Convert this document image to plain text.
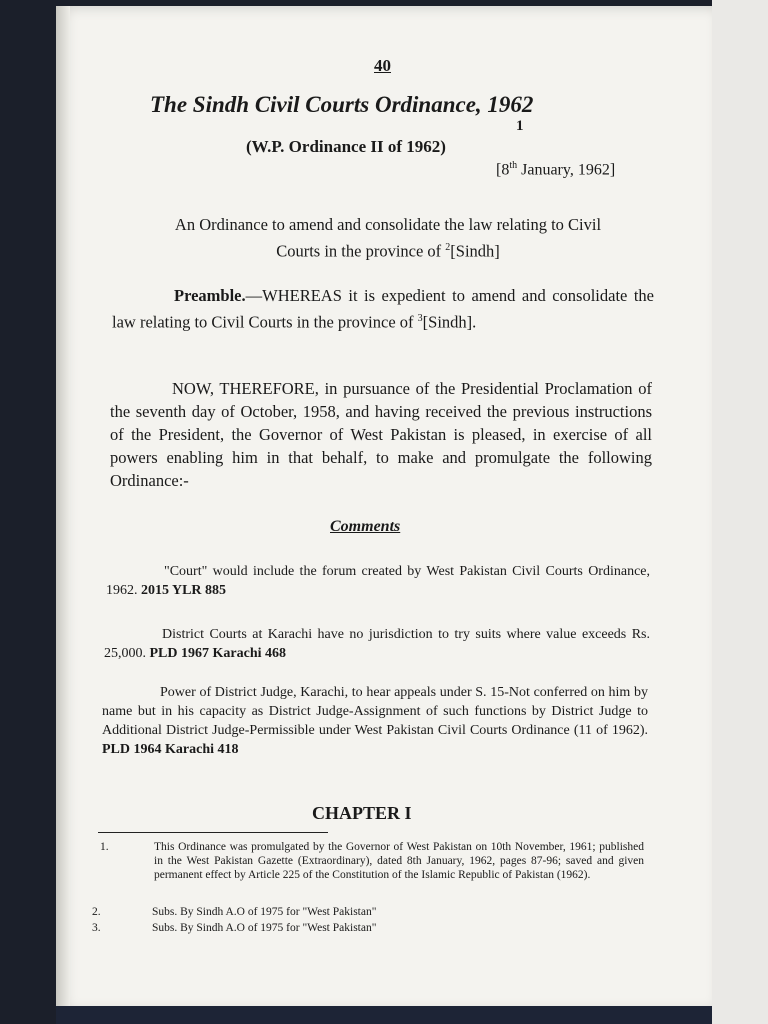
40
The Sindh Civil Courts Ordinance, 1962
1
(W.P. Ordinance II of 1962)
[8th January, 1962]
An Ordinance to amend and consolidate the law relating to Civil
Courts in the province of $^2$[Sindh]
Preamble.—WHEREAS it is expedient to amend and consolidate the law relating to Civil Courts in the province of $^3$[Sindh].
NOW, THEREFORE, in pursuance of the Presidential Proclamation of the seventh day of October, 1958, and having received the previous instructions of the President, the Governor of West Pakistan is pleased, in exercise of all powers enabling him in that behalf, to make and promulgate the following Ordinance:-
Comments
"Court" would include the forum created by West Pakistan Civil Courts Ordinance, 1962. 2015 YLR 885
District Courts at Karachi have no jurisdiction to try suits where value exceeds Rs. 25,000. PLD 1967 Karachi 468
Power of District Judge, Karachi, to hear appeals under S. 15-Not conferred on him by name but in his capacity as District Judge-Assignment of such functions by District Judge to Additional District Judge-Permissible under West Pakistan Civil Courts Ordinance (11 of 1962). PLD 1964 Karachi 418
CHAPTER I
1.	This Ordinance was promulgated by the Governor of West Pakistan on 10th November, 1961; published in the West Pakistan Gazette (Extraordinary), dated 8th January, 1962, pages 87-96; saved and given permanent effect by Article 225 of the Constitution of the Islamic Republic of Pakistan (1962).
2.	Subs. By Sindh A.O of 1975 for "West Pakistan"
3.	Subs. By Sindh A.O of 1975 for "West Pakistan"
